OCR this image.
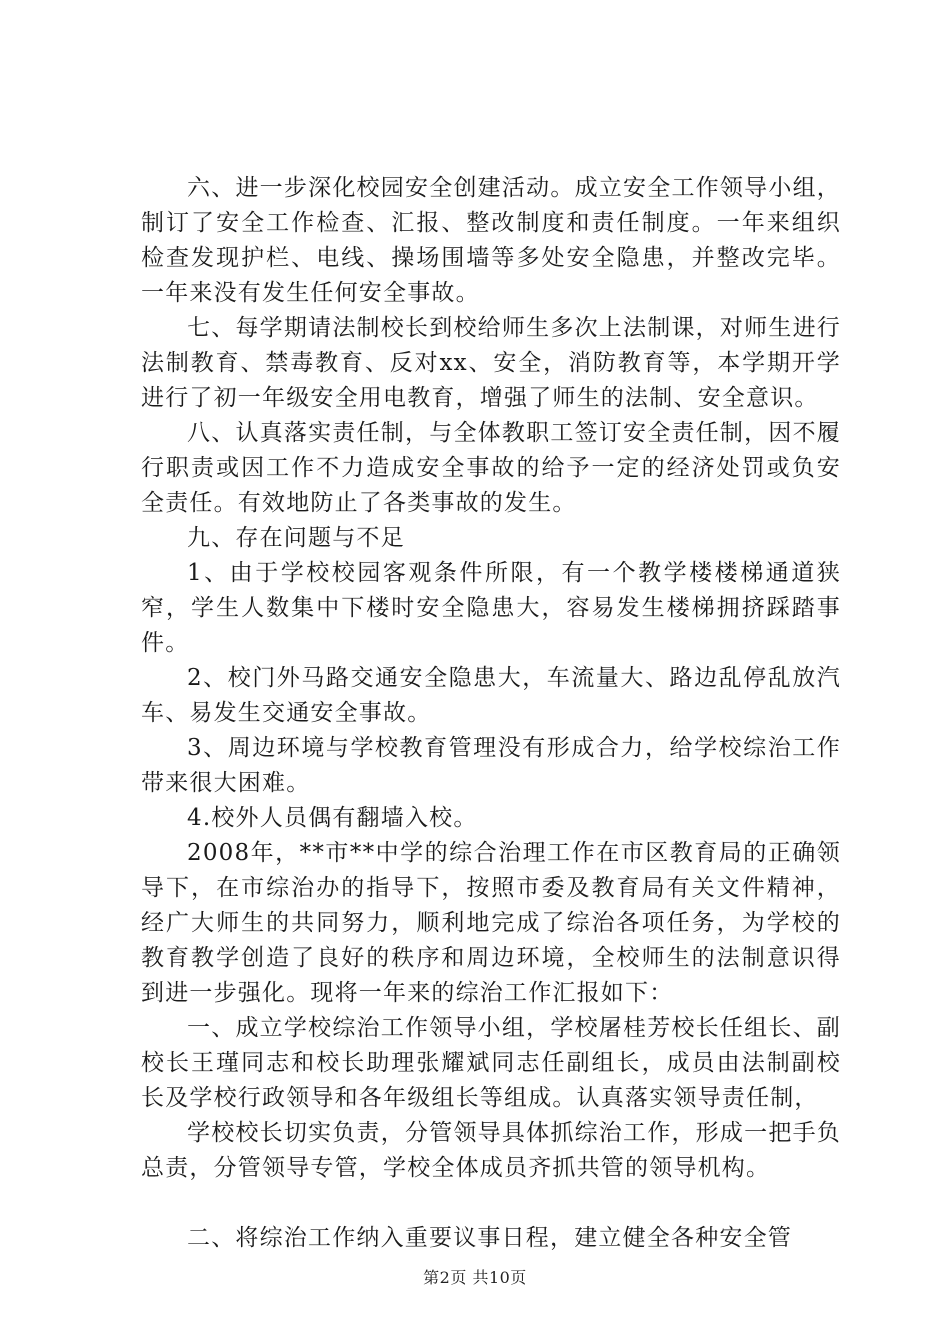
六、进一步深化校园安全创建活动。成立安全工作领导小组，制订了安全工作检查、汇报、整改制度和责任制度。一年来组织检查发现护栏、电线、操场围墙等多处安全隐患，并整改完毕。一年来没有发生任何安全事故。

七、每学期请法制校长到校给师生多次上法制课，对师生进行法制教育、禁毒教育、反对xx、安全，消防教育等，本学期开学进行了初一年级安全用电教育，增强了师生的法制、安全意识。

八、认真落实责任制，与全体教职工签订安全责任制，因不履行职责或因工作不力造成安全事故的给予一定的经济处罚或负安全责任。有效地防止了各类事故的发生。

九、存在问题与不足

1、由于学校校园客观条件所限，有一个教学楼楼梯通道狭窄，学生人数集中下楼时安全隐患大，容易发生楼梯拥挤踩踏事件。

2、校门外马路交通安全隐患大，车流量大、路边乱停乱放汽车、易发生交通安全事故。

3、周边环境与学校教育管理没有形成合力，给学校综治工作带来很大困难。

4.校外人员偶有翻墙入校。

2008年，**市**中学的综合治理工作在市区教育局的正确领导下，在市综治办的指导下，按照市委及教育局有关文件精神，经广大师生的共同努力，顺利地完成了综治各项任务，为学校的教育教学创造了良好的秩序和周边环境，全校师生的法制意识得到进一步强化。现将一年来的综治工作汇报如下：

一、成立学校综治工作领导小组，学校屠桂芳校长任组长、副校长王瑾同志和校长助理张耀斌同志任副组长，成员由法制副校长及学校行政领导和各年级组长等组成。认真落实领导责任制，

学校校长切实负责，分管领导具体抓综治工作，形成一把手负总责，分管领导专管，学校全体成员齐抓共管的领导机构。

二、将综治工作纳入重要议事日程，建立健全各种安全管

第2页 共10页
